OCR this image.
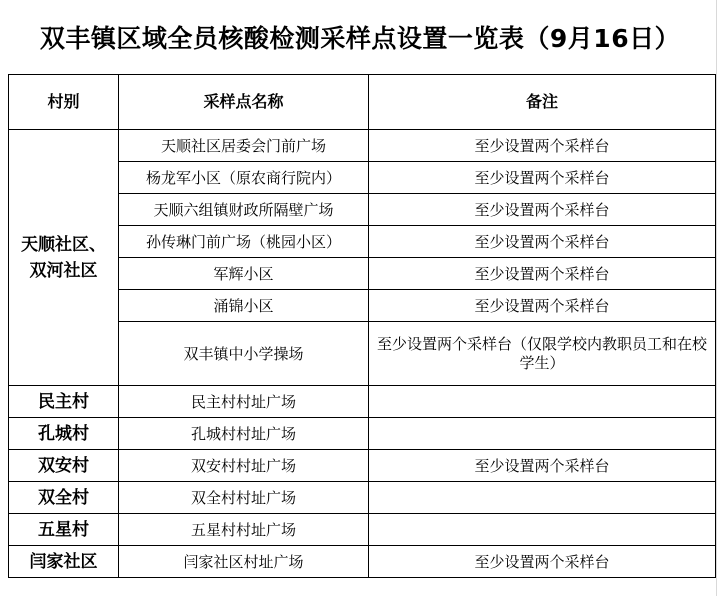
双丰镇区域全员核酸检测采样点设置一览表（9月16日）
村别	采样点名称	备注

天顺社区、双河社区	天顺社区居委会门前广场	至少设置两个采样台
	杨龙军小区（原农商行院内）	至少设置两个采样台
	天顺六组镇财政所隔壁广场	至少设置两个采样台
	孙传琳门前广场（桃园小区）	至少设置两个采样台
	军辉小区	至少设置两个采样台
	涌锦小区	至少设置两个采样台
	双丰镇中小学操场	至少设置两个采样台（仅限学校内教职员工和在校学生）
民主村	民主村村址广场	
孔城村	孔城村村址广场	
双安村	双安村村址广场	至少设置两个采样台
双全村	双全村村址广场	
五星村	五星村村址广场	
闫家社区	闫家社区村址广场	至少设置两个采样台
